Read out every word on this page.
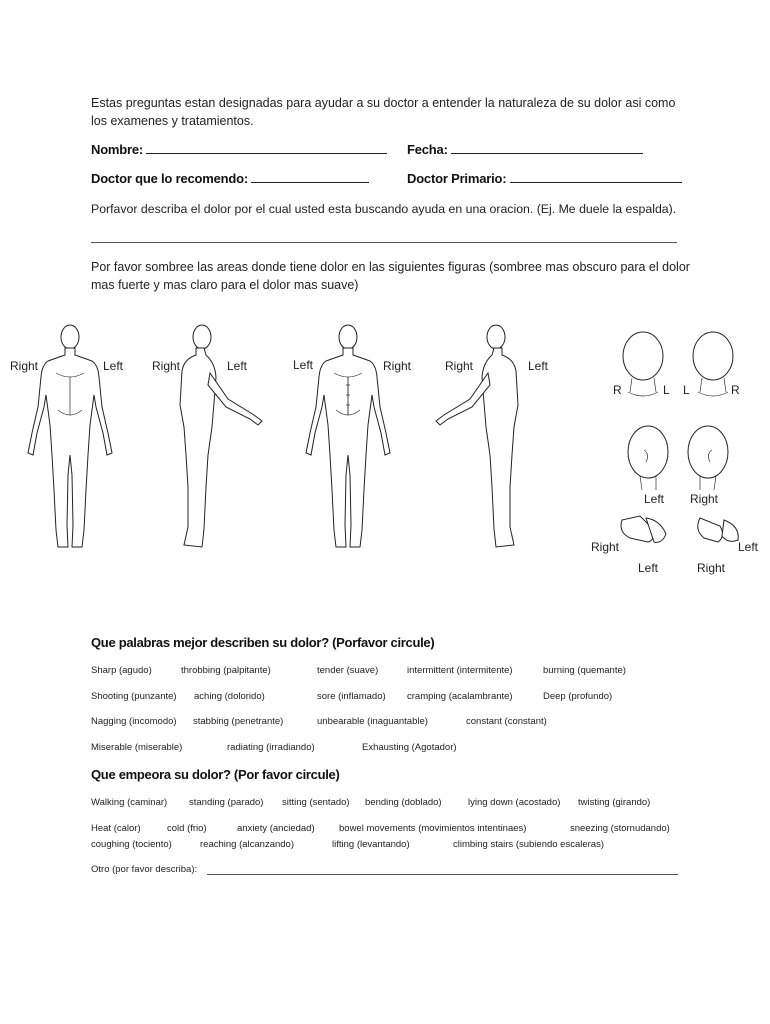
Estas preguntas estan designadas para ayudar a su doctor a entender la naturaleza de su dolor asi como los examenes y tratamientos.
Nombre:	Fecha:
Doctor que lo recomendo:	Doctor Primario:
Porfavor describa el dolor por el cual usted esta buscando ayuda en una oracion. (Ej. Me duele la espalda).
Por favor sombree las areas donde tiene dolor en las siguientes figuras (sombree mas obscuro para el dolor mas fuerte y mas claro para el dolor mas suave)
Right	Left Right	Left	Left	Right	Right	Left
R	L L	R
Left Right
Right	Left
Left	Right
Que palabras mejor describen su dolor? (Porfavor circule)
Sharp (agudo)	throbbing (palpitante)	tender (suave)	intermittent (intermitente)	burning (quemante)
Shooting (punzante) aching (dolorido)	sore (inflamado) cramping (acalambrante)	Deep (profundo)
Nagging (incomodo) stabbing (penetrante)	unbearable (inaguantable)	constant (constant)
Miserable (miserable)	radiating (irradiando)	Exhausting (Agotador)
Que empeora su dolor? (Por favor circule)
Walking (caminar) standing (parado) sitting (sentado) bending (doblado)	lying down (acostado) twisting (girando)
Heat (calor)	cold (frio)	anxiety (anciedad)	bowel movements (movimientos intentinaes)	sneezing (stornudando)
coughing (tociento)	reaching (alcanzando)	lifting (levantando)	climbing stairs (subiendo escaleras)
Otro (por favor describa):
